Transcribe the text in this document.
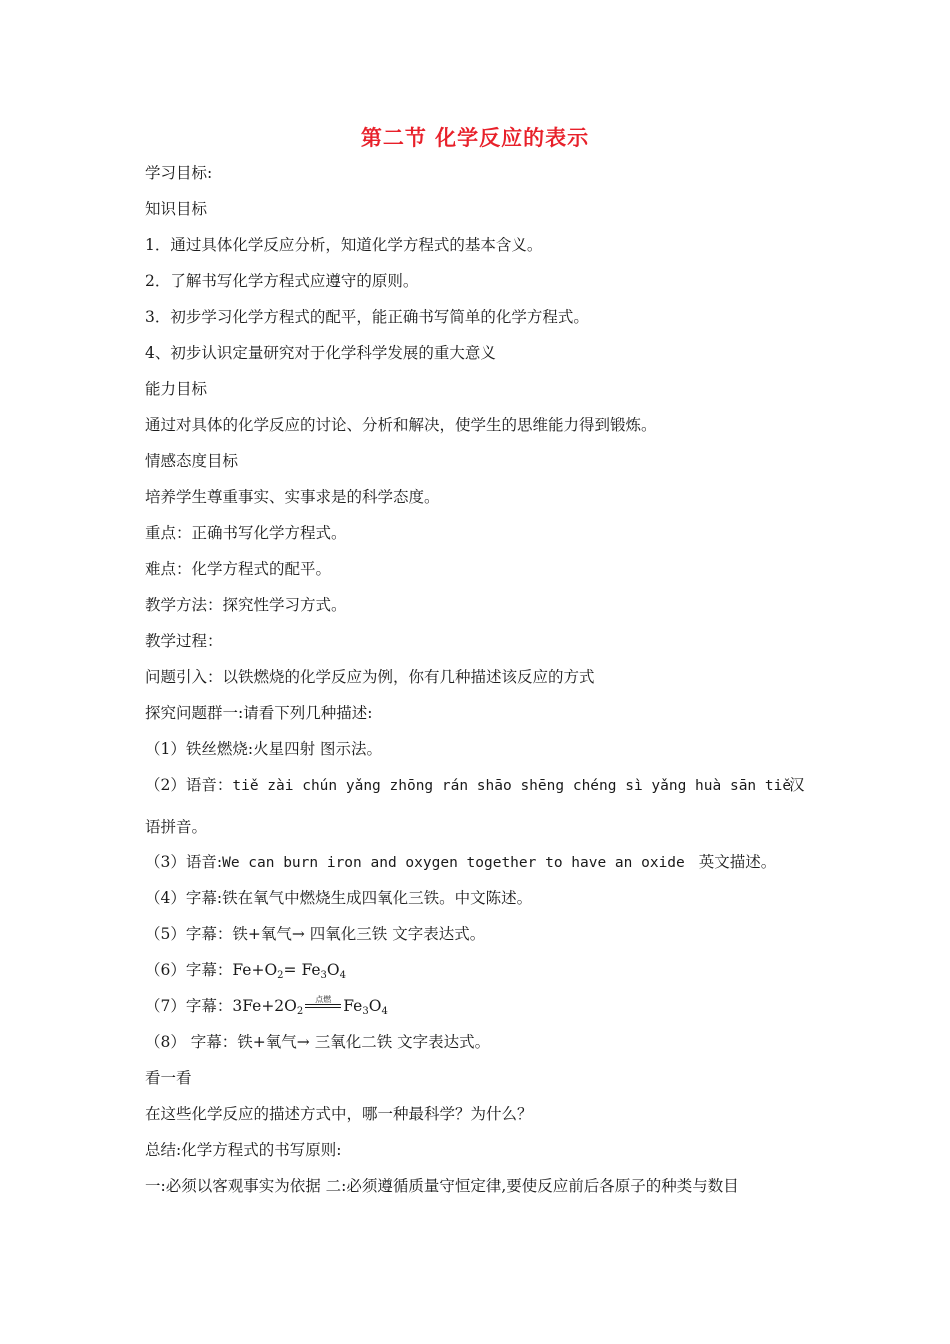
第二节 化学反应的表示
学习目标:
知识目标
1．通过具体化学反应分析，知道化学方程式的基本含义。
2．了解书写化学方程式应遵守的原则。
3．初步学习化学方程式的配平，能正确书写简单的化学方程式。
4、初步认识定量研究对于化学科学发展的重大意义
能力目标
通过对具体的化学反应的讨论、分析和解决，使学生的思维能力得到锻炼。
情感态度目标
培养学生尊重事实、实事求是的科学态度。
重点：正确书写化学方程式。
难点：化学方程式的配平。
教学方法：探究性学习方式。
教学过程：
问题引入：以铁燃烧的化学反应为例，你有几种描述该反应的方式
探究问题群一:请看下列几种描述:
（1）铁丝燃烧:火星四射 图示法。
（2）语音：tiě zài chún yǎng zhōng rán shāo shēng chéng sì yǎng huà sān tiě
汉
语拼音。
（3）语音:We can burn iron and oxygen together to have an oxide 英文描述。
（4）字幕:铁在氧气中燃烧生成四氧化三铁。中文陈述。
（5）字幕：铁+氧气→ 四氧化三铁 文字表达式。
（6）字幕：$Fe+O_2= Fe_3O_4$
（7）字幕：$3Fe+2O_2$
点燃 $Fe_3O_4$
（8） 字幕：铁+氧气→ 三氧化二铁 文字表达式。
看一看
在这些化学反应的描述方式中，哪一种最科学？为什么？
总结:化学方程式的书写原则:
一:必须以客观事实为依据 二:必须遵循质量守恒定律,要使反应前后各原子的种类与数目
